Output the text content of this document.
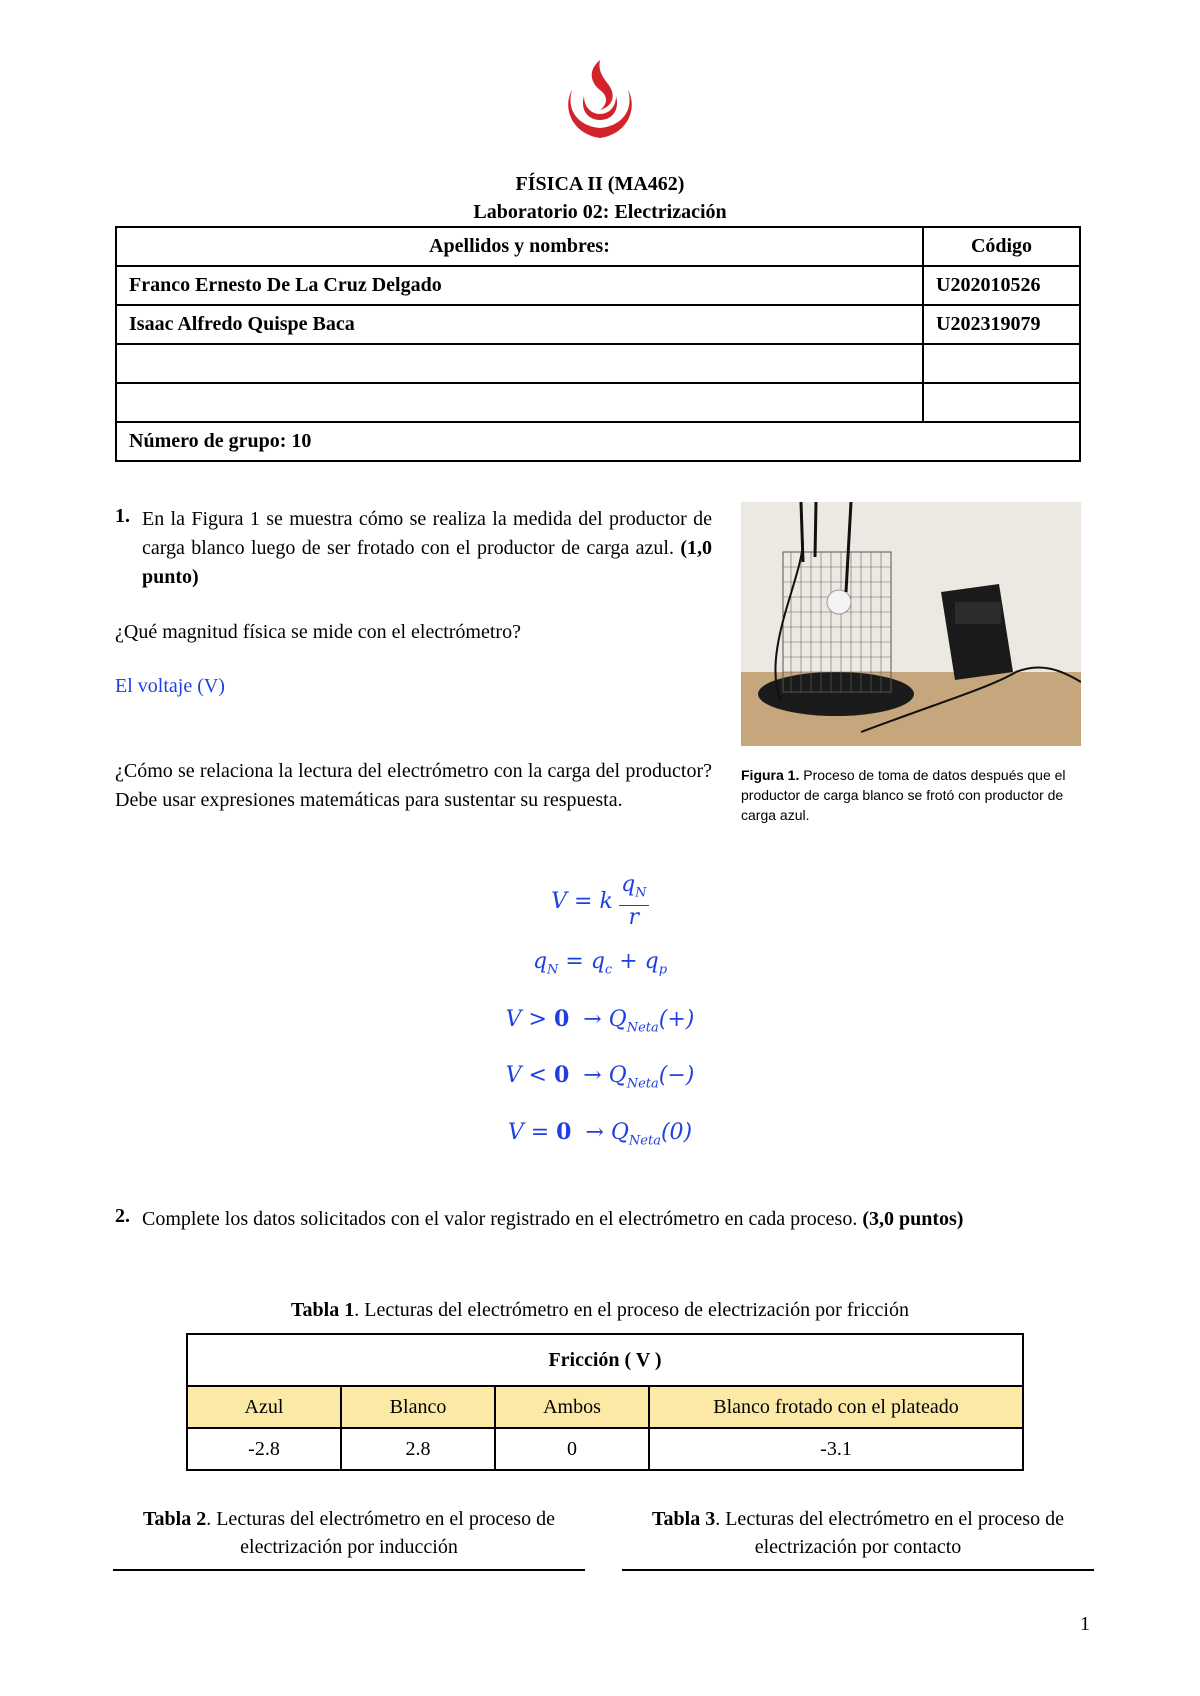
FÍSICA II (MA462)
Laboratorio 02: Electrización
Apellidos y nombres:	Código
Franco Ernesto De La Cruz Delgado	U202010526
Isaac Alfredo Quispe Baca	U202319079

Número de grupo: 10	
1. En la Figura 1 se muestra cómo se realiza la medida del productor de carga blanco luego de ser frotado con el productor de carga azul. (1,0 punto)

¿Qué magnitud física se mide con el electrómetro?

El voltaje (V)

¿Cómo se relaciona la lectura del electrómetro con la carga del productor? Debe usar expresiones matemáticas para sustentar su respuesta.

Figura 1. Proceso de toma de datos después que el productor de carga blanco se frotó con productor de carga azul.
V = k
$q_N$
r
$q_N = q_c + q_p$
$V > 0 \to Q_{Neta}(+)$
$V < 0 \to Q_{Neta}(-)$
$V = 0 \to Q_{Neta}(0)$
2. Complete los datos solicitados con el valor registrado en el electrómetro en cada proceso. (3,0 puntos)

Tabla 1. Lecturas del electrómetro en el proceso de electrización por fricción
Fricción ( V )			
Azul	Blanco	Ambos	Blanco frotado con el plateado
-2.8	2.8	0	-3.1
Tabla 2. Lecturas del electrómetro en el proceso de electrización por inducción
Tabla 3. Lecturas del electrómetro en el proceso de electrización por contacto
1
